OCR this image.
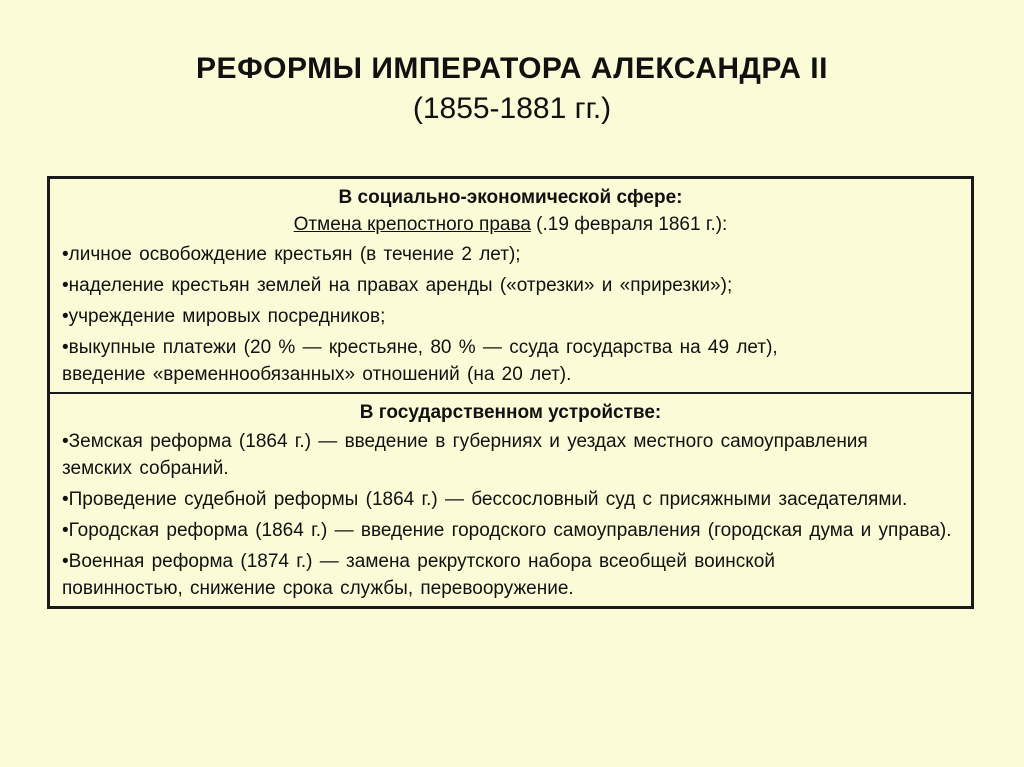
РЕФОРМЫ ИМПЕРАТОРА АЛЕКСАНДРА II
(1855-1881 гг.)
В социально-экономической сфере:
Отмена крепостного права (.19 февраля 1861 г.):
•личное освобождение крестьян (в течение 2 лет);
•наделение крестьян землей на правах аренды («отрезки» и «прирезки»);
•учреждение мировых посредников;
•выкупные платежи (20 % — крестьяне, 80 % — ссуда государства на 49 лет), введение «временнообязанных» отношений (на 20 лет).
В государственном устройстве:
•Земская реформа (1864 г.) — введение в губерниях и уездах местного самоуправления земских собраний.
•Проведение судебной реформы (1864 г.) — бессословный суд с присяжными заседателями.
•Городская реформа (1864 г.) — введение городского самоуправления (городская дума и управа).
•Военная реформа (1874 г.) — замена рекрутского набора всеобщей воинской повинностью, снижение срока службы, перевооружение.
